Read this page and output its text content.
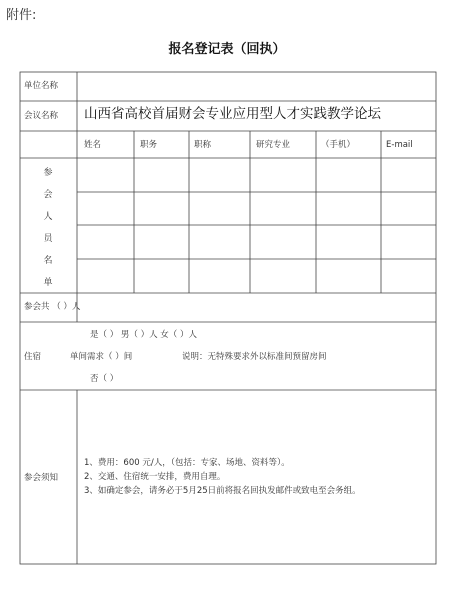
附件:
报名登记表（回执）
单位名称
会议名称 山西省高校首届财会专业应用型人才实践教学论坛
姓名	职务	职称	研究专业	（手机）	E-mail
参
会
人
员
名
单
参会共 （ ）人
住宿
是（ ） 男（ ）人 女（ ）人
单间需求（ ）间	说明：无特殊要求外以标准间预留房间
否（ ）
参会须知
1、费用：600 元/人，（包括：专家、场地、资料等）。
2、交通、住宿统一安排，费用自理。
3、如确定参会，请务必于5月25日前将报名回执发邮件或致电至会务组。
